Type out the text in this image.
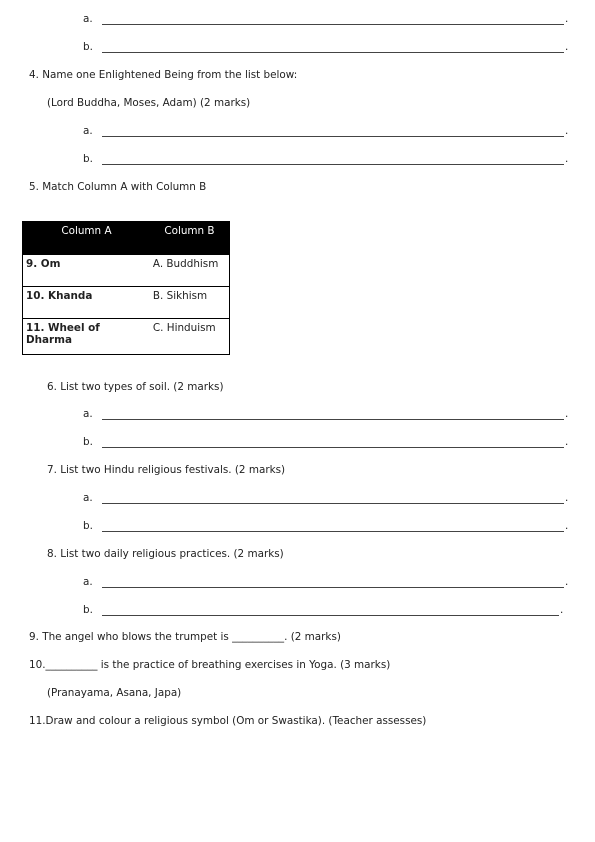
a.	.
b.	.
4. Name one Enlightened Being from the list below:
(Lord Buddha, Moses, Adam) (2 marks)
a.	.
b.	.
5. Match Column A with Column B
Column A	Column B
9. Om	A. Buddhism
10. Khanda	B. Sikhism
11. Wheel of Dharma	C. Hinduism
6. List two types of soil. (2 marks)
a.	.
b.	.
7. List two Hindu religious festivals. (2 marks)
a.	.
b.	.
8. List two daily religious practices. (2 marks)
a.	.
b.	.
9. The angel who blows the trumpet is __________. (2 marks)
10.__________ is the practice of breathing exercises in Yoga. (3 marks)
(Pranayama, Asana, Japa)
11.Draw and colour a religious symbol (Om or Swastika). (Teacher assesses)
